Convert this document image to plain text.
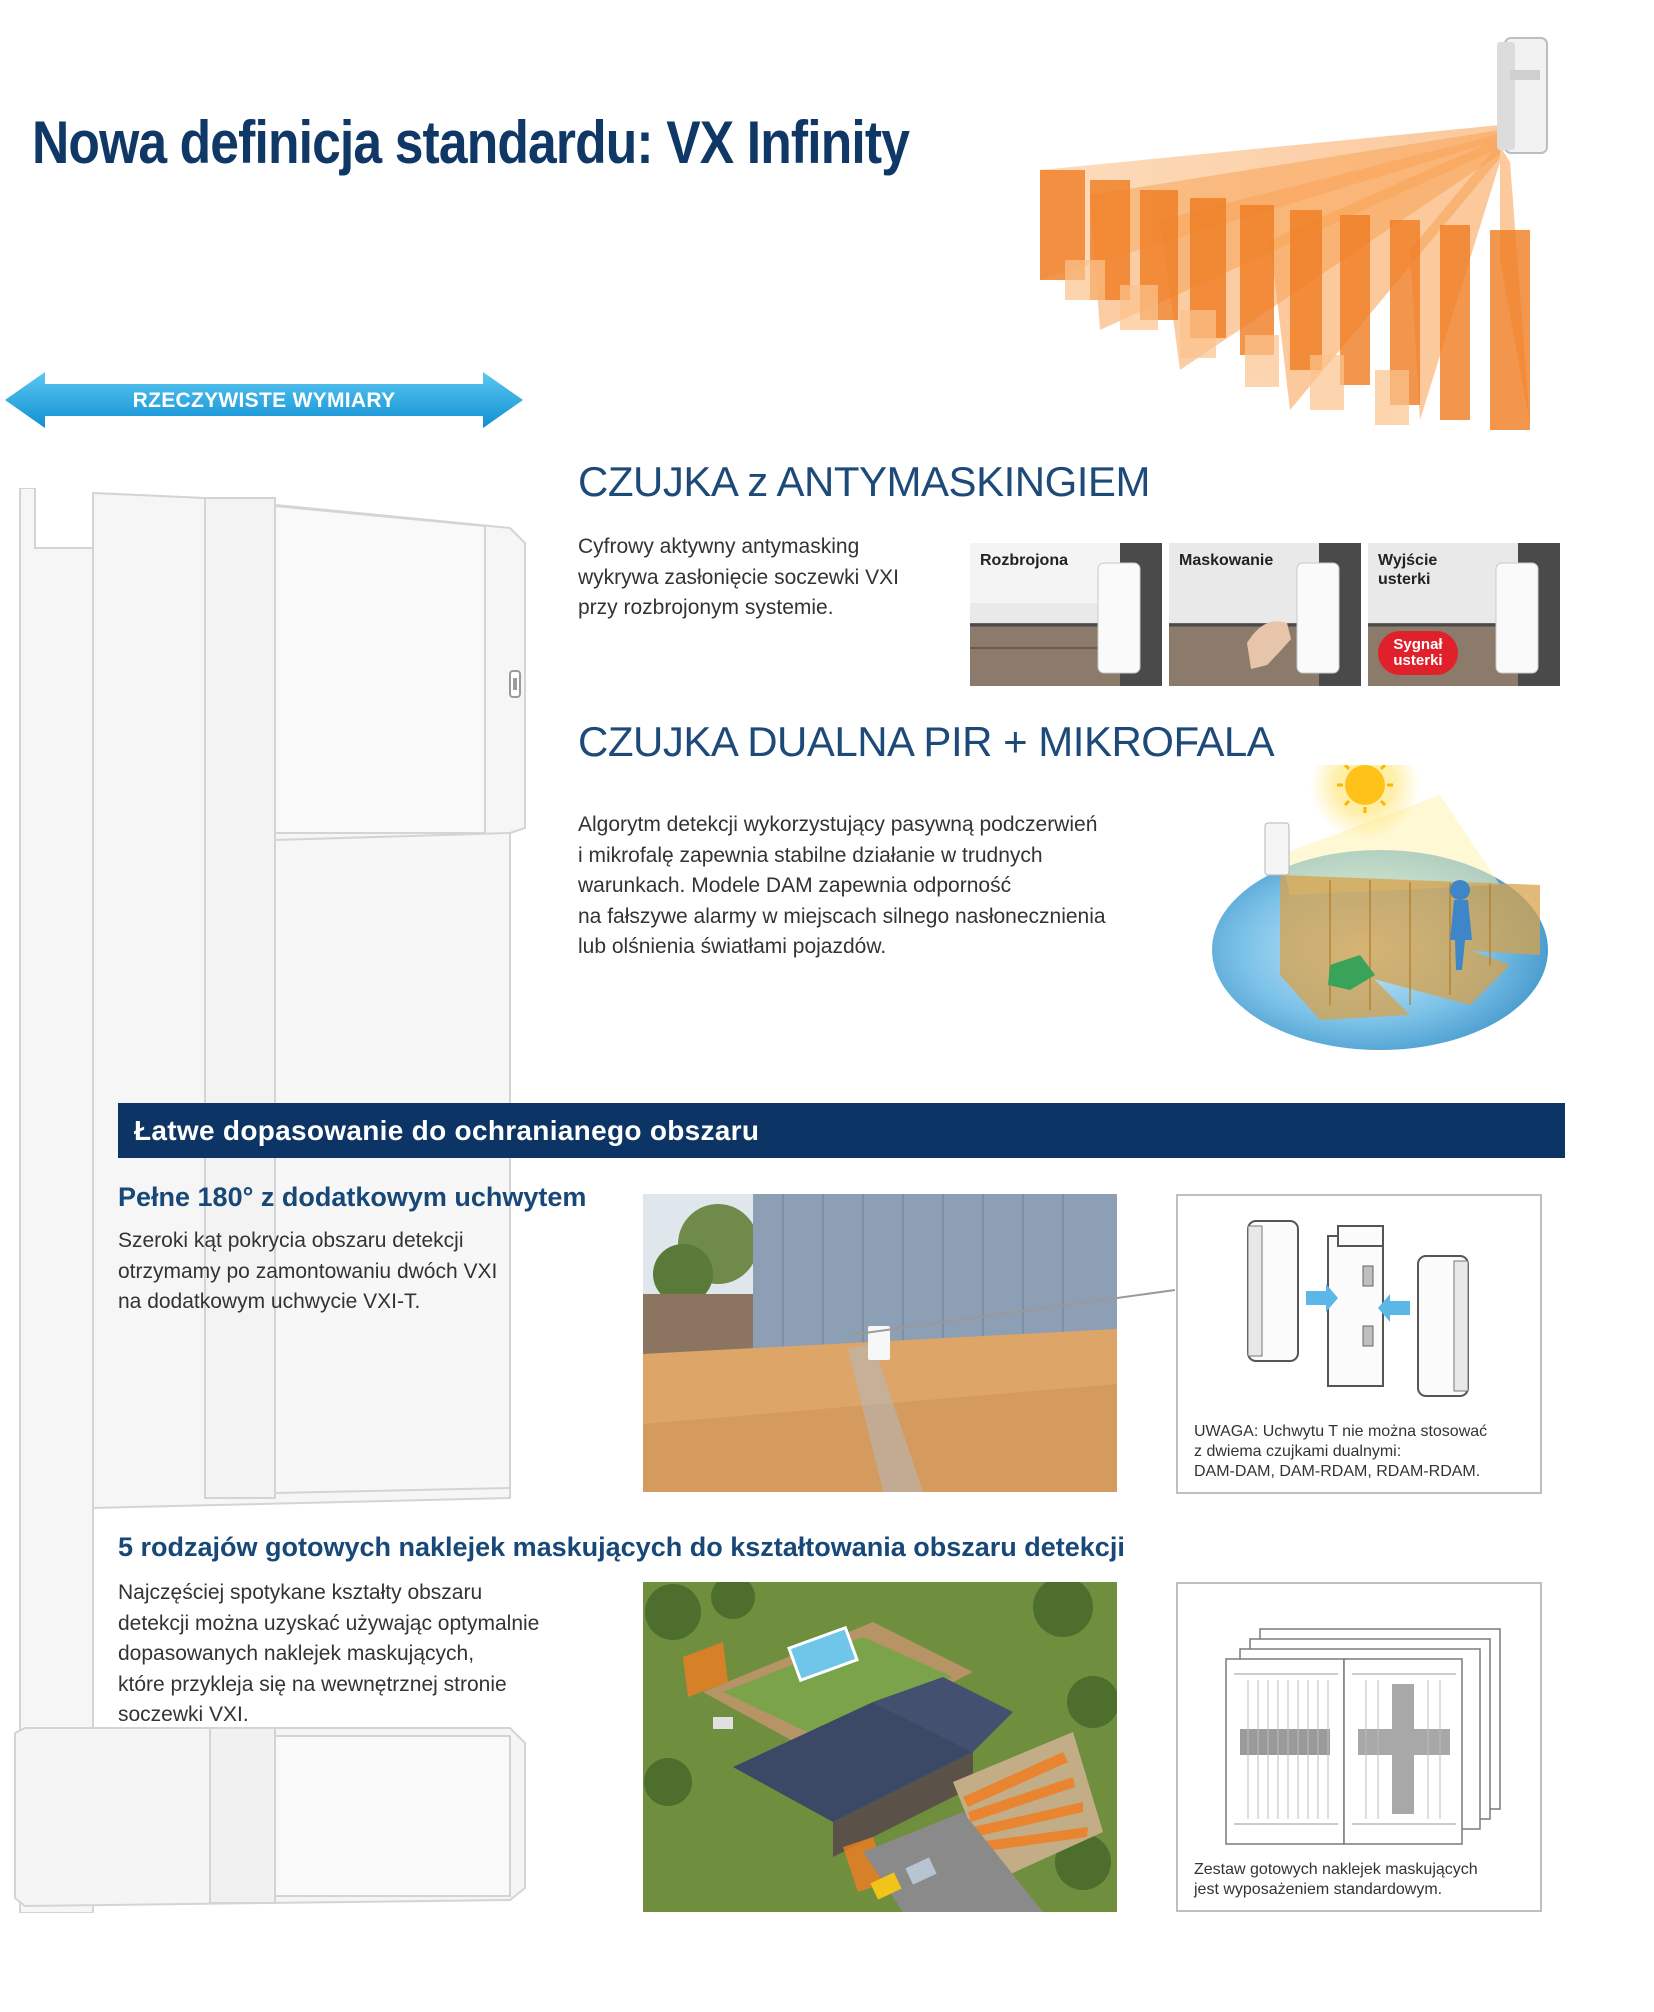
Nowa definicja standardu: VX Infinity
RZECZYWISTE WYMIARY
CZUJKA z ANTYMASKINGIEM
Cyfrowy aktywny antymasking
wykrywa zasłonięcie soczewki VXI
przy rozbrojonym systemie.
Rozbrojona	Maskowanie	Wyjście usterki
Sygnał usterki
CZUJKA DUALNA PIR + MIKROFALA
Algorytm detekcji wykorzystujący pasywną podczerwień
i mikrofalę zapewnia stabilne działanie w trudnych
warunkach. Modele DAM zapewnia odporność
na fałszywe alarmy w miejscach silnego nasłonecznienia
lub olśnienia światłami pojazdów.
Łatwe dopasowanie do ochranianego obszaru
Pełne 180° z dodatkowym uchwytem
Szeroki kąt pokrycia obszaru detekcji
otrzymamy po zamontowaniu dwóch VXI
na dodatkowym uchwycie VXI-T.
UWAGA: Uchwytu T nie można stosować
z dwiema czujkami dualnymi:
DAM-DAM, DAM-RDAM, RDAM-RDAM.
5 rodzajów gotowych naklejek maskujących do kształtowania obszaru detekcji
Najczęściej spotykane kształty obszaru
detekcji można uzyskać używając optymalnie
dopasowanych naklejek maskujących,
które przykleja się na wewnętrznej stronie
soczewki VXI.
Zestaw gotowych naklejek maskujących
jest wyposażeniem standardowym.
